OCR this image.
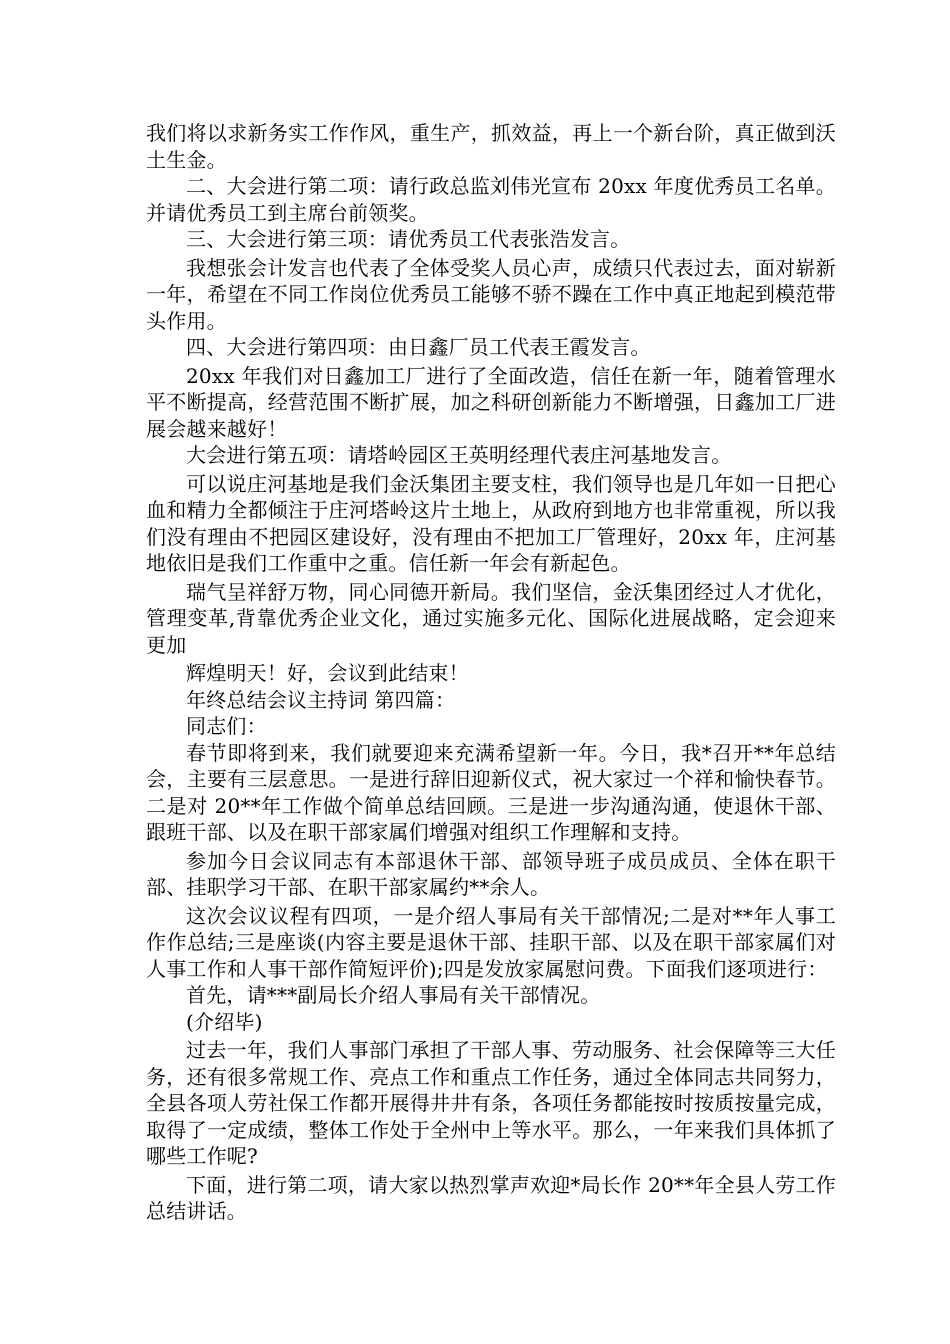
我们将以求新务实工作作风，重生产，抓效益，再上一个新台阶，真正做到沃土生金。

二、大会进行第二项：请行政总监刘伟光宣布 20xx 年度优秀员工名单。并请优秀员工到主席台前领奖。

三、大会进行第三项：请优秀员工代表张浩发言。

我想张会计发言也代表了全体受奖人员心声，成绩只代表过去，面对崭新一年，希望在不同工作岗位优秀员工能够不骄不躁在工作中真正地起到模范带头作用。

四、大会进行第四项：由日鑫厂员工代表王霞发言。

20xx 年我们对日鑫加工厂进行了全面改造，信任在新一年，随着管理水平不断提高，经营范围不断扩展，加之科研创新能力不断增强，日鑫加工厂进展会越来越好！

大会进行第五项：请塔岭园区王英明经理代表庄河基地发言。

可以说庄河基地是我们金沃集团主要支柱，我们领导也是几年如一日把心血和精力全都倾注于庄河塔岭这片土地上，从政府到地方也非常重视，所以我们没有理由不把园区建设好，没有理由不把加工厂管理好，20xx 年，庄河基地依旧是我们工作重中之重。信任新一年会有新起色。

瑞气呈祥舒万物，同心同德开新局。我们坚信，金沃集团经过人才优化，管理变革,背靠优秀企业文化，通过实施多元化、国际化进展战略，定会迎来更加

辉煌明天！好，会议到此结束！

年终总结会议主持词 第四篇：

同志们：

春节即将到来，我们就要迎来充满希望新一年。今日，我*召开**年总结会，主要有三层意思。一是进行辞旧迎新仪式，祝大家过一个祥和愉快春节。二是对 20**年工作做个简单总结回顾。三是进一步沟通沟通，使退休干部、跟班干部、以及在职干部家属们增强对组织工作理解和支持。

参加今日会议同志有本部退休干部、部领导班子成员成员、全体在职干部、挂职学习干部、在职干部家属约**余人。

这次会议议程有四项，一是介绍人事局有关干部情况;二是对**年人事工作作总结;三是座谈(内容主要是退休干部、挂职干部、以及在职干部家属们对人事工作和人事干部作简短评价);四是发放家属慰问费。下面我们逐项进行：

首先，请***副局长介绍人事局有关干部情况。

(介绍毕)

过去一年，我们人事部门承担了干部人事、劳动服务、社会保障等三大任务，还有很多常规工作、亮点工作和重点工作任务，通过全体同志共同努力，全县各项人劳社保工作都开展得井井有条，各项任务都能按时按质按量完成，取得了一定成绩，整体工作处于全州中上等水平。那么，一年来我们具体抓了哪些工作呢?

下面，进行第二项，请大家以热烈掌声欢迎*局长作 20**年全县人劳工作总结讲话。
